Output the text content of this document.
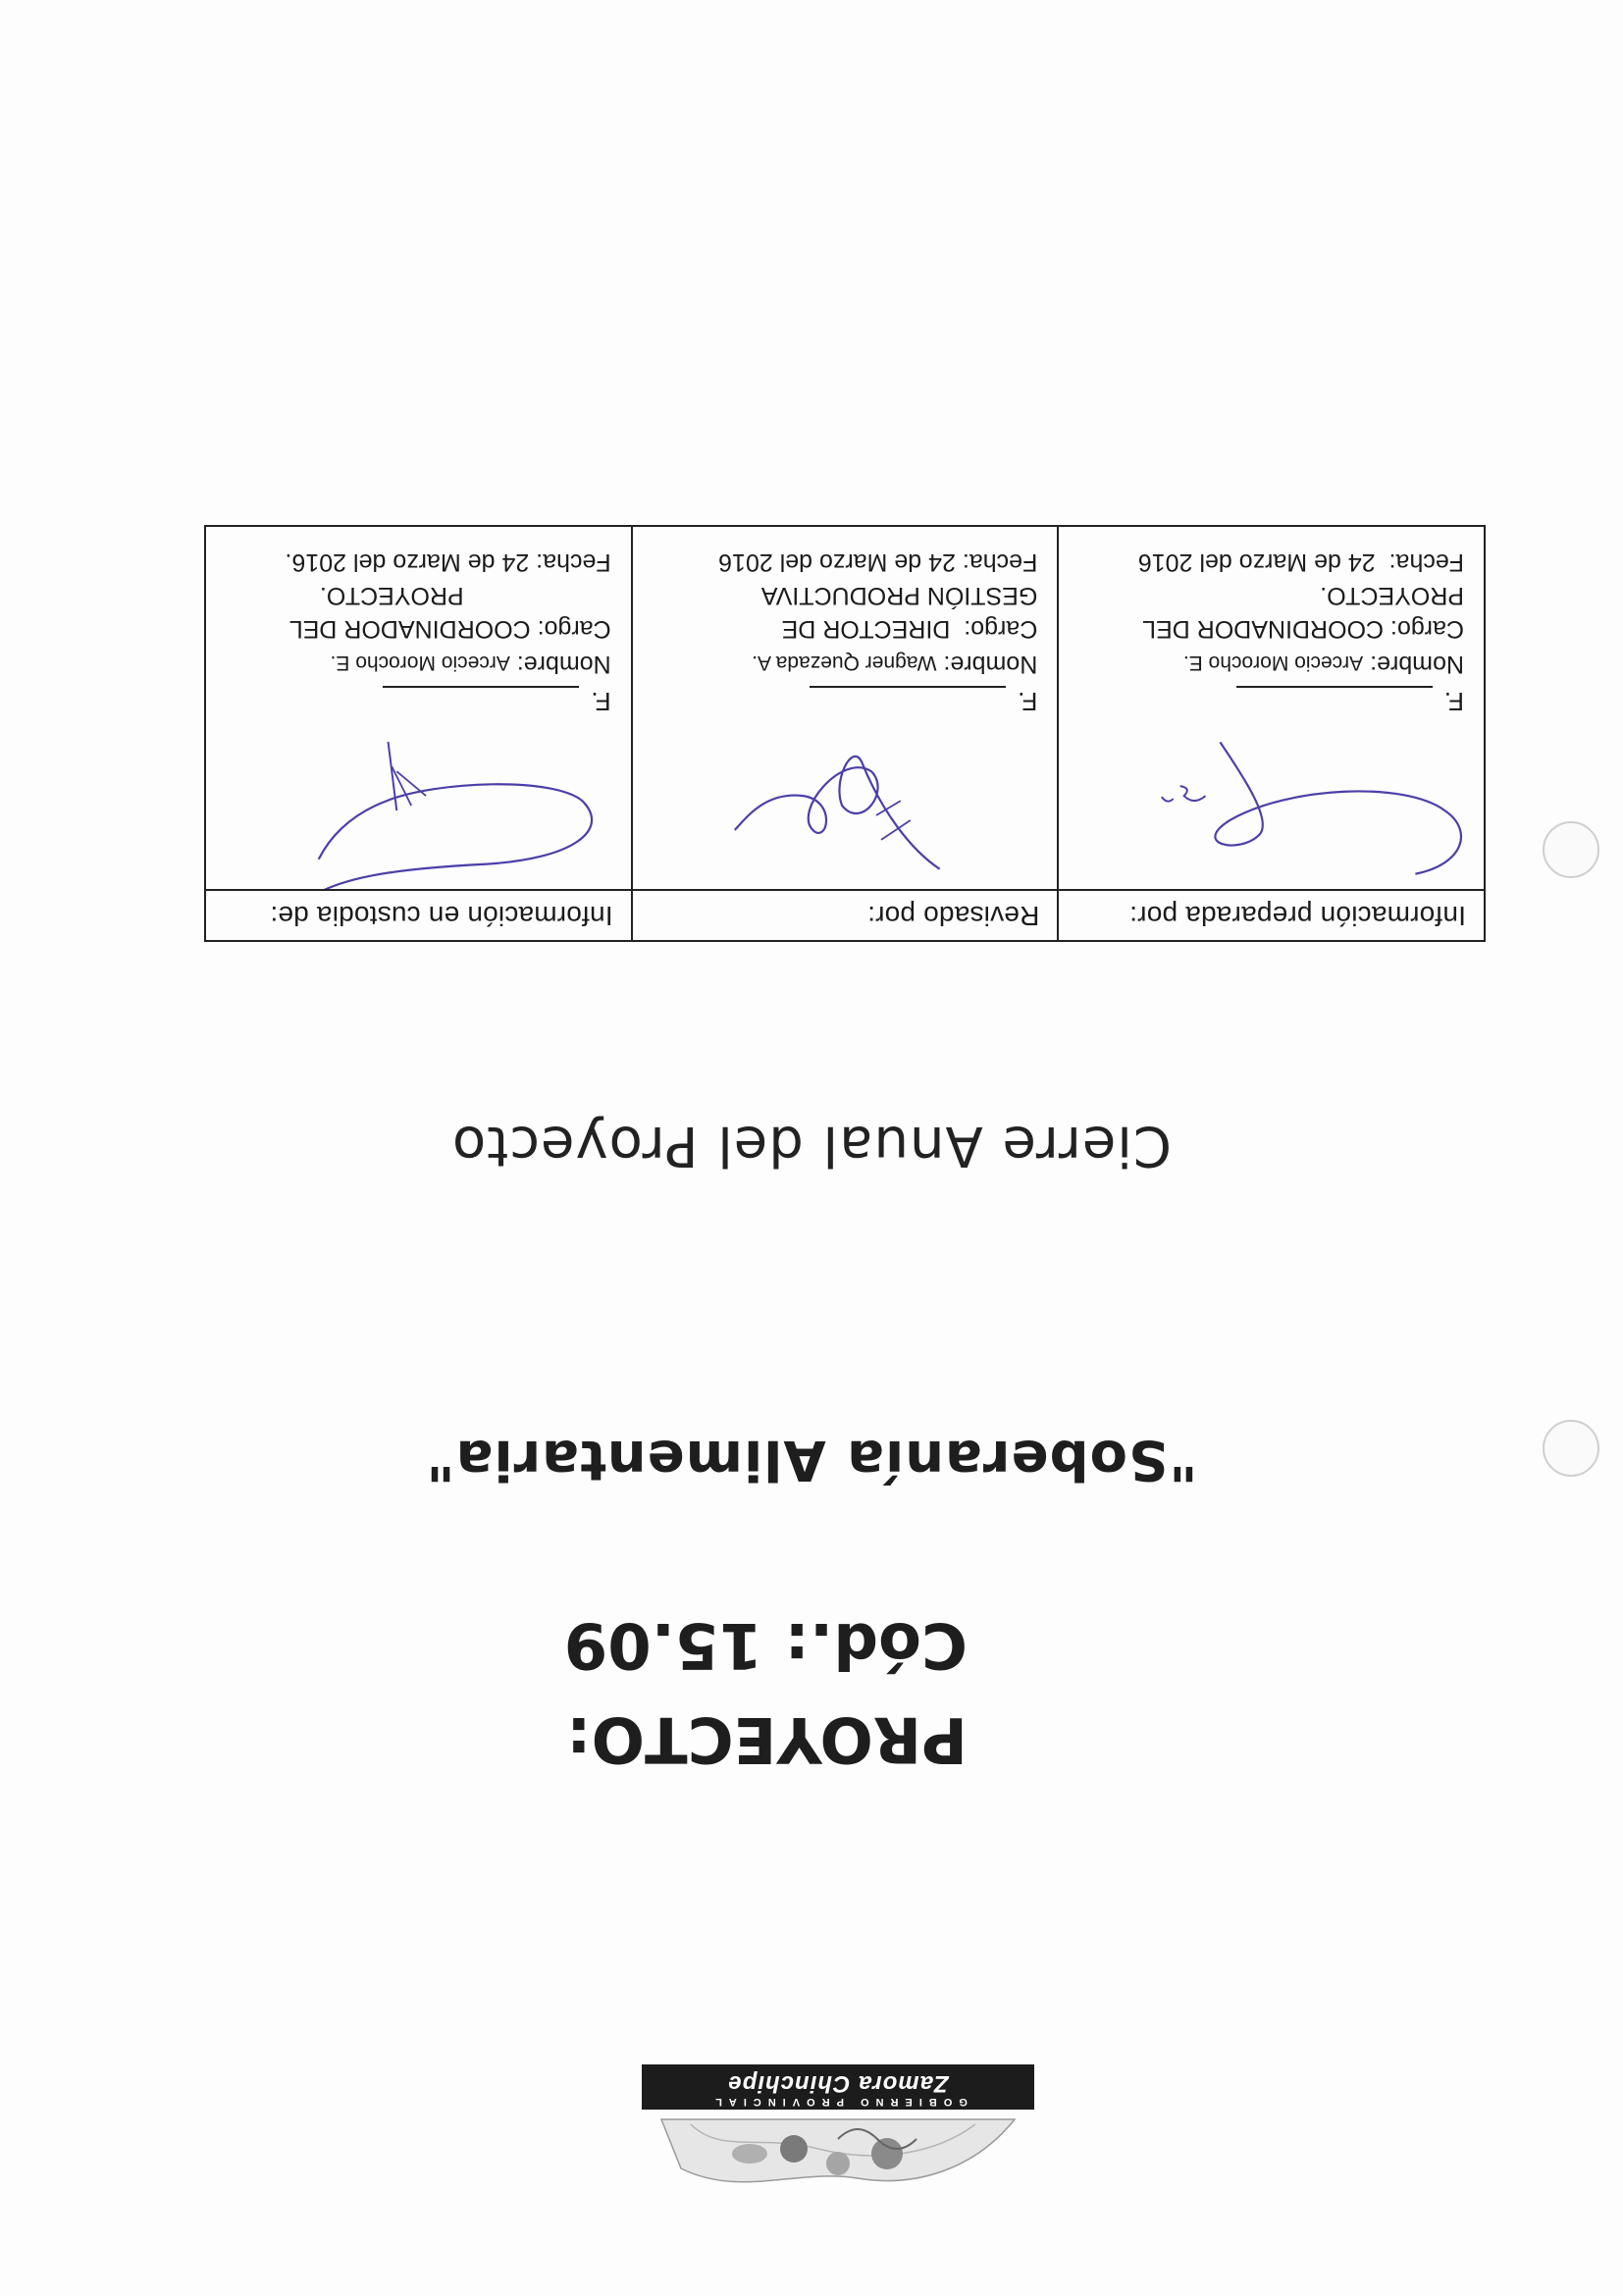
GOBIERNO PROVINCIAL
Zamora Chinchipe
PROYECTO:
Cód.: 15.09
"Soberanía Alimentaria"
Cierre Anual del Proyecto
Información preparada por:
F.
Nombre: Arcecio Morocho E.
Cargo: COORDINADOR DEL
PROYECTO.
Fecha:  24 de Marzo del 2016
Revisado por:
F.
Nombre: Wagner Quezada A.
Cargo:  DIRECTOR DE
GESTIÓN PRODUCTIVA
Fecha: 24 de Marzo del 2016
Información en custodia de:
F.
Nombre: Arcecio Morocho E.
Cargo: COORDINADOR DEL
PROYECTO.
Fecha: 24 de Marzo del 2016.
